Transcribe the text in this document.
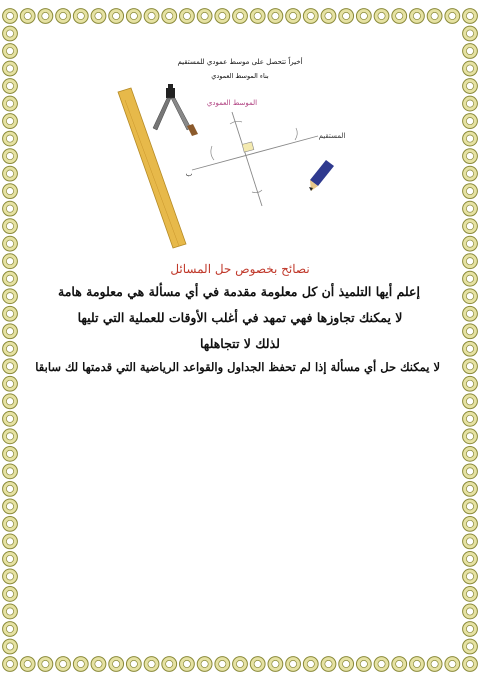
الموسط العمودي
المستقيم
ب
أخيراً تتحصل على موسط عمودي للمستقيم
بناء الموسط العمودي
نصائح بخصوص حل المسائل
إعلم أيها التلميذ أن كل معلومة مقدمة في أي مسألة هي معلومة هامة
لا يمكنك تجاوزها فهي تمهد في أغلب الأوقات للعملية التي تليها
لذلك لا تتجاهلها
لا يمكنك حل أي مسألة إذا لم تحفظ الجداول والقواعد الرياضية التي قدمتها لك سابقا
